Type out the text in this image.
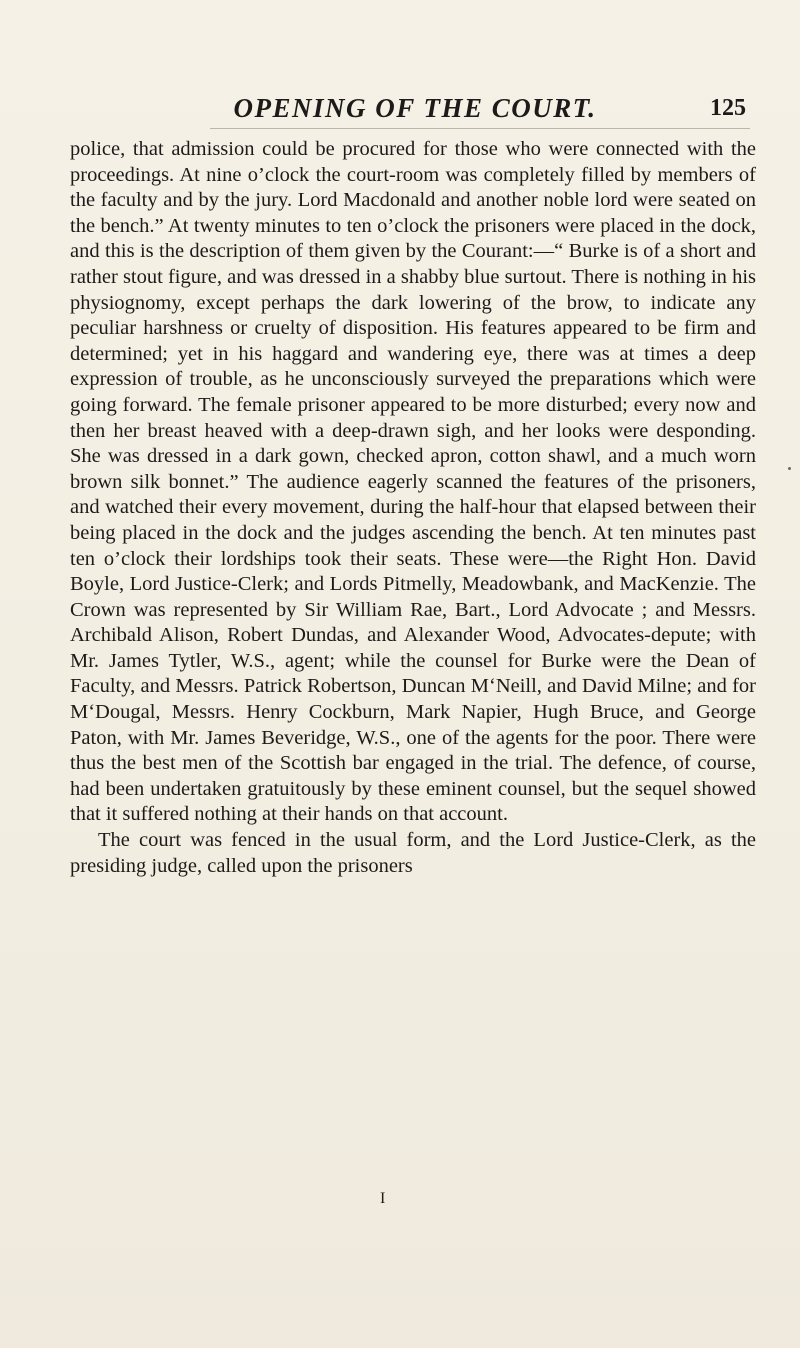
OPENING OF THE COURT.	125

police, that admission could be procured for those who were connected with the proceedings. At nine o’clock the court-room was completely filled by members of the faculty and by the jury. Lord Macdonald and another noble lord were seated on the bench.” At twenty minutes to ten o’clock the prisoners were placed in the dock, and this is the description of them given by the Courant:—“ Burke is of a short and rather stout figure, and was dressed in a shabby blue surtout. There is nothing in his physiognomy, except perhaps the dark lowering of the brow, to indicate any peculiar harshness or cruelty of disposition. His features appeared to be firm and determined; yet in his haggard and wandering eye, there was at times a deep expression of trouble, as he unconsciously surveyed the preparations which were going forward. The female prisoner appeared to be more disturbed; every now and then her breast heaved with a deep-drawn sigh, and her looks were desponding. She was dressed in a dark gown, checked apron, cotton shawl, and a much worn brown silk bonnet.” The audience eagerly scanned the features of the prisoners, and watched their every movement, during the half-hour that elapsed between their being placed in the dock and the judges ascending the bench. At ten minutes past ten o’clock their lordships took their seats. These were—the Right Hon. David Boyle, Lord Justice-Clerk; and Lords Pitmelly, Meadowbank, and MacKenzie. The Crown was represented by Sir William Rae, Bart., Lord Advocate ; and Messrs. Archibald Alison, Robert Dundas, and Alexander Wood, Advocates-depute; with Mr. James Tytler, W.S., agent; while the counsel for Burke were the Dean of Faculty, and Messrs. Patrick Robertson, Duncan M‘Neill, and David Milne; and for M‘Dougal, Messrs. Henry Cockburn, Mark Napier, Hugh Bruce, and George Paton, with Mr. James Beveridge, W.S., one of the agents for the poor. There were thus the best men of the Scottish bar engaged in the trial. The defence, of course, had been undertaken gratuitously by these eminent counsel, but the sequel showed that it suffered nothing at their hands on that account.

The court was fenced in the usual form, and the Lord Justice-Clerk, as the presiding judge, called upon the prisoners

I
